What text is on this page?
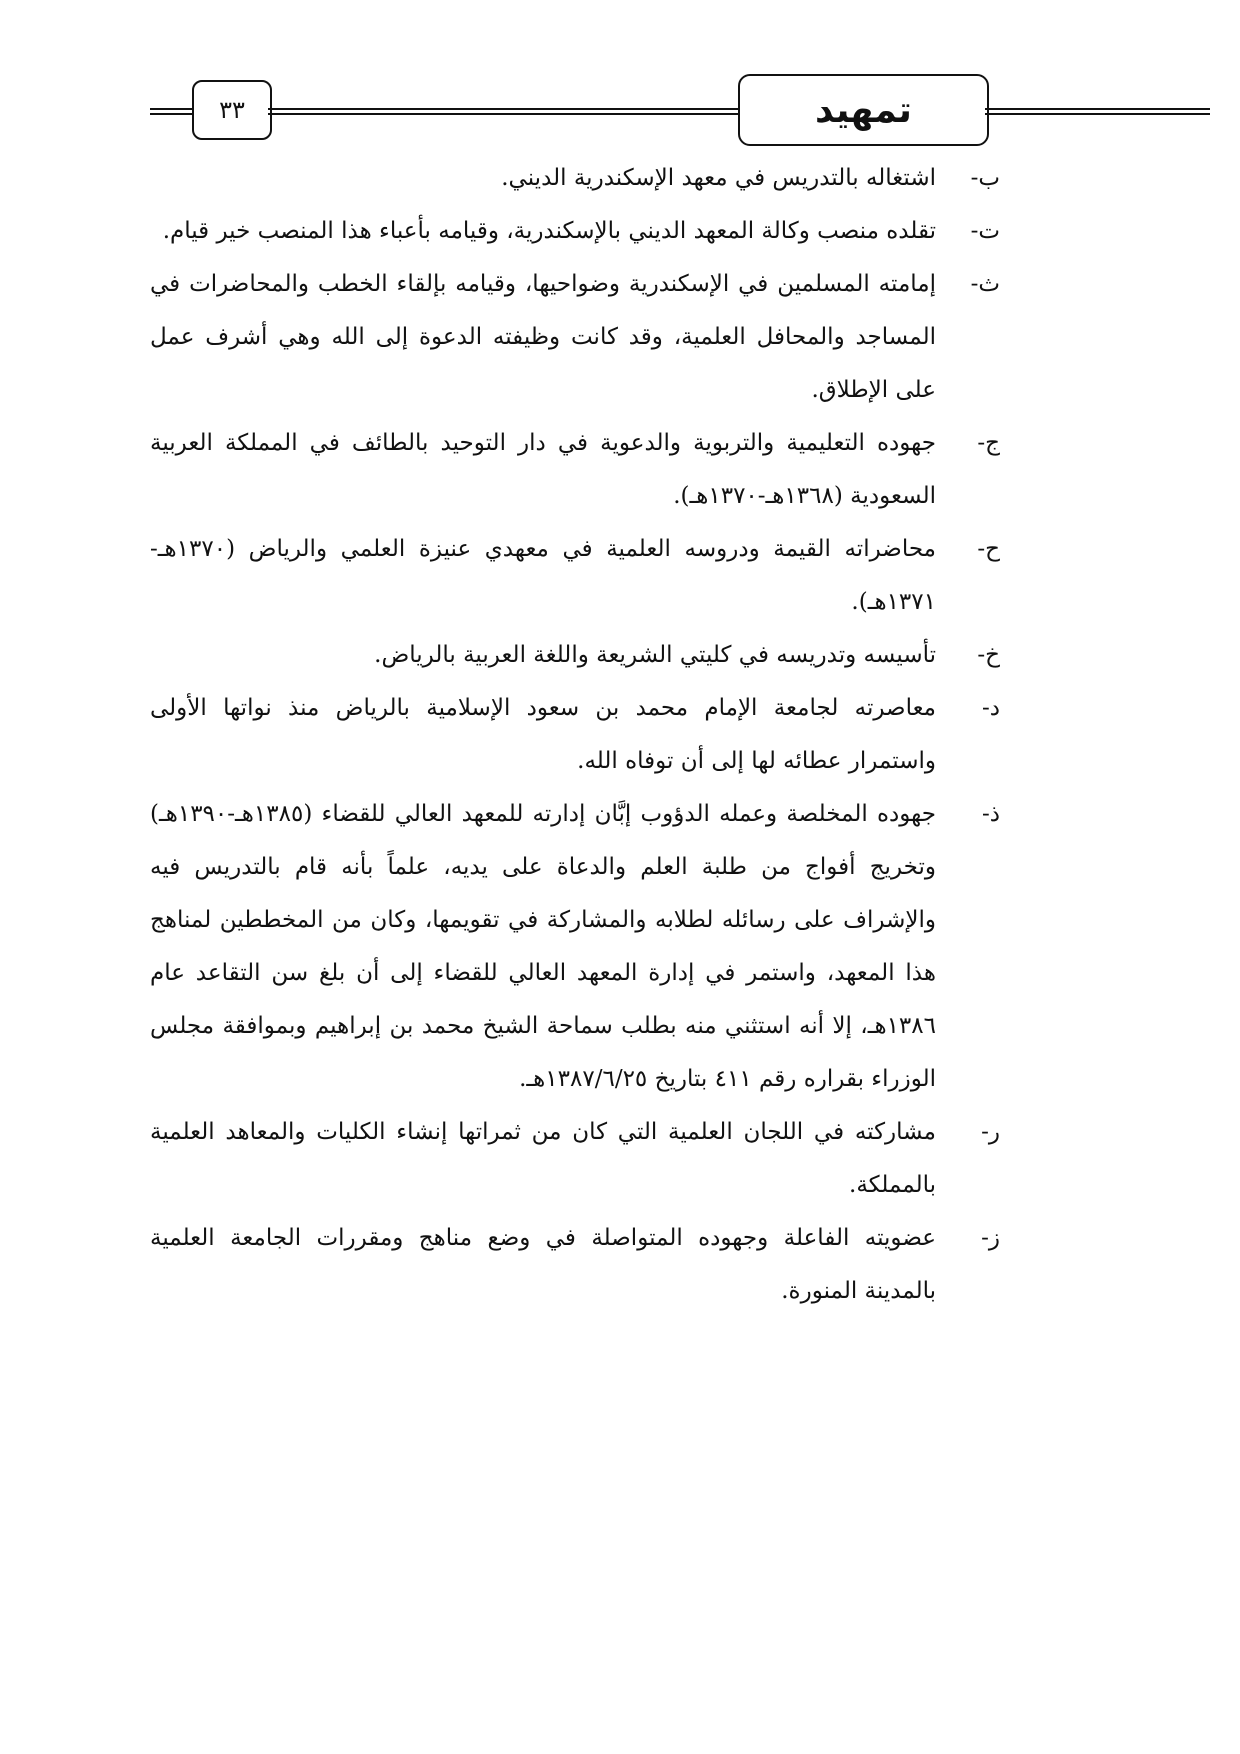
٣٣	تمهيد

ب-
اشتغاله بالتدريس في معهد الإسكندرية الديني.

ت-
تقلده منصب وكالة المعهد الديني بالإسكندرية، وقيامه بأعباء هذا المنصب خير قيام.

ث-
إمامته المسلمين في الإسكندرية وضواحيها، وقيامه بإلقاء الخطب والمحاضرات في المساجد والمحافل العلمية، وقد كانت وظيفته الدعوة إلى الله وهي أشرف عمل على الإطلاق.

ج-
جهوده التعليمية والتربوية والدعوية في دار التوحيد بالطائف في المملكة العربية السعودية (١٣٦٨هـ-١٣٧٠هـ).

ح-
محاضراته القيمة ودروسه العلمية في معهدي عنيزة العلمي والرياض (١٣٧٠هـ- ١٣٧١هـ).

خ-
تأسيسه وتدريسه في كليتي الشريعة واللغة العربية بالرياض.

د-
معاصرته لجامعة الإمام محمد بن سعود الإسلامية بالرياض منذ نواتها الأولى واستمرار عطائه لها إلى أن توفاه الله.

ذ-
جهوده المخلصة وعمله الدؤوب إبَّان إدارته للمعهد العالي للقضاء (١٣٨٥هـ-١٣٩٠هـ) وتخريج أفواج من طلبة العلم والدعاة على يديه، علماً بأنه قام بالتدريس فيه والإشراف على رسائله لطلابه والمشاركة في تقويمها، وكان من المخططين لمناهج هذا المعهد، واستمر في إدارة المعهد العالي للقضاء إلى أن بلغ سن التقاعد عام ١٣٨٦هـ، إلا أنه استثني منه بطلب سماحة الشيخ محمد بن إبراهيم وبموافقة مجلس الوزراء بقراره رقم ٤١١ بتاريخ ١٣٨٧/٦/٢٥هـ.

ر-
مشاركته في اللجان العلمية التي كان من ثمراتها إنشاء الكليات والمعاهد العلمية بالمملكة.

ز-
عضويته الفاعلة وجهوده المتواصلة في وضع مناهج ومقررات الجامعة العلمية بالمدينة المنورة.
